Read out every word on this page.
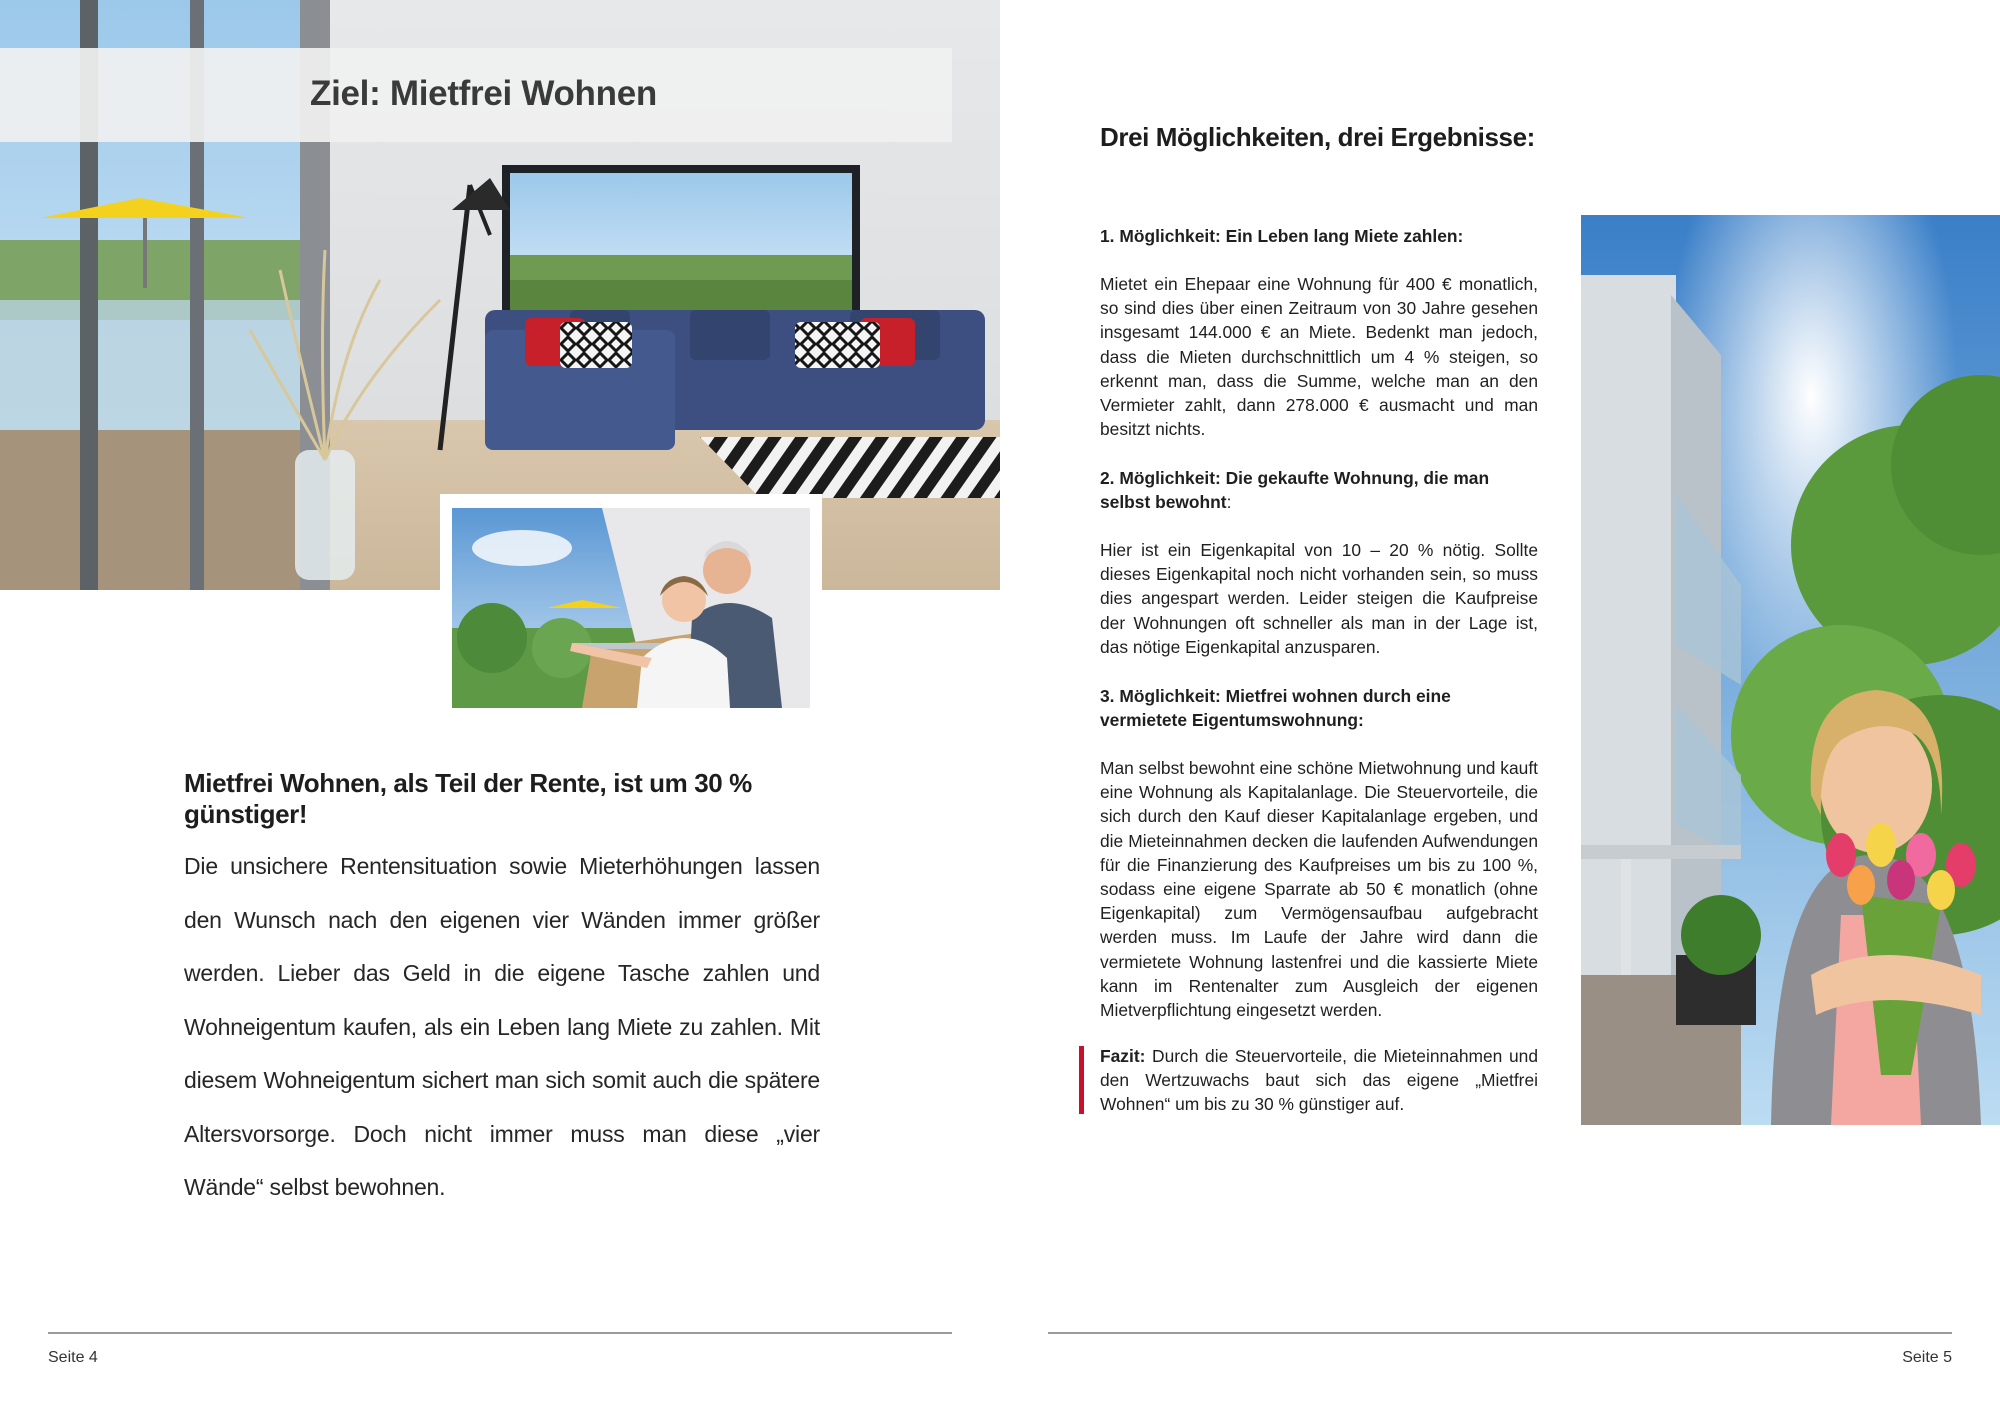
Ziel: Mietfrei Wohnen
Mietfrei Wohnen, als Teil der Rente, ist um 30 % günstiger!

Die unsichere Rentensituation sowie Mieterhöhungen lassen den Wunsch nach den eigenen vier Wänden immer größer werden. Lieber das Geld in die eigene Tasche zahlen und Wohneigentum kaufen, als ein Leben lang Miete zu zahlen. Mit diesem Wohneigentum sichert man sich somit auch die spätere Altersvorsorge. Doch nicht immer muss man diese „vier Wände“ selbst bewohnen.

Seite 4

Drei Möglichkeiten, drei Ergebnisse:

1. Möglichkeit: Ein Leben lang Miete zahlen:

Mietet ein Ehepaar eine Wohnung für 400 € monatlich, so sind dies über einen Zeitraum von 30 Jahre gesehen insgesamt 144.000 € an Miete. Bedenkt man jedoch, dass die Mieten durchschnittlich um 4 % steigen, so erkennt man, dass die Summe, welche man an den Vermieter zahlt, dann 278.000 € ausmacht und man besitzt nichts.

2. Möglichkeit: Die gekaufte Wohnung, die man selbst bewohnt:

Hier ist ein Eigenkapital von 10 – 20 % nötig. Sollte dieses Eigenkapital noch nicht vorhanden sein, so muss dies angespart werden. Leider steigen die Kaufpreise der Wohnungen oft schneller als man in der Lage ist, das nötige Eigenkapital anzusparen.

3. Möglichkeit: Mietfrei wohnen durch eine vermietete Eigentumswohnung:

Man selbst bewohnt eine schöne Mietwohnung und kauft eine Wohnung als Kapitalanlage. Die Steuervorteile, die sich durch den Kauf dieser Kapitalanlage ergeben, und die Mieteinnahmen decken die laufenden Aufwendungen für die Finanzierung des Kaufpreises um bis zu 100 %, sodass eine eigene Sparrate ab 50 € monatlich (ohne Eigenkapital) zum Vermögensaufbau aufgebracht werden muss. Im Laufe der Jahre wird dann die vermietete Wohnung lastenfrei und die kassierte Miete kann im Rentenalter zum Ausgleich der eigenen Mietverpflichtung eingesetzt werden.

Fazit: Durch die Steuervorteile, die Mieteinnahmen und den Wertzuwachs baut sich das eigene „Mietfrei Wohnen“ um bis zu 30 % günstiger auf.

Seite 5
